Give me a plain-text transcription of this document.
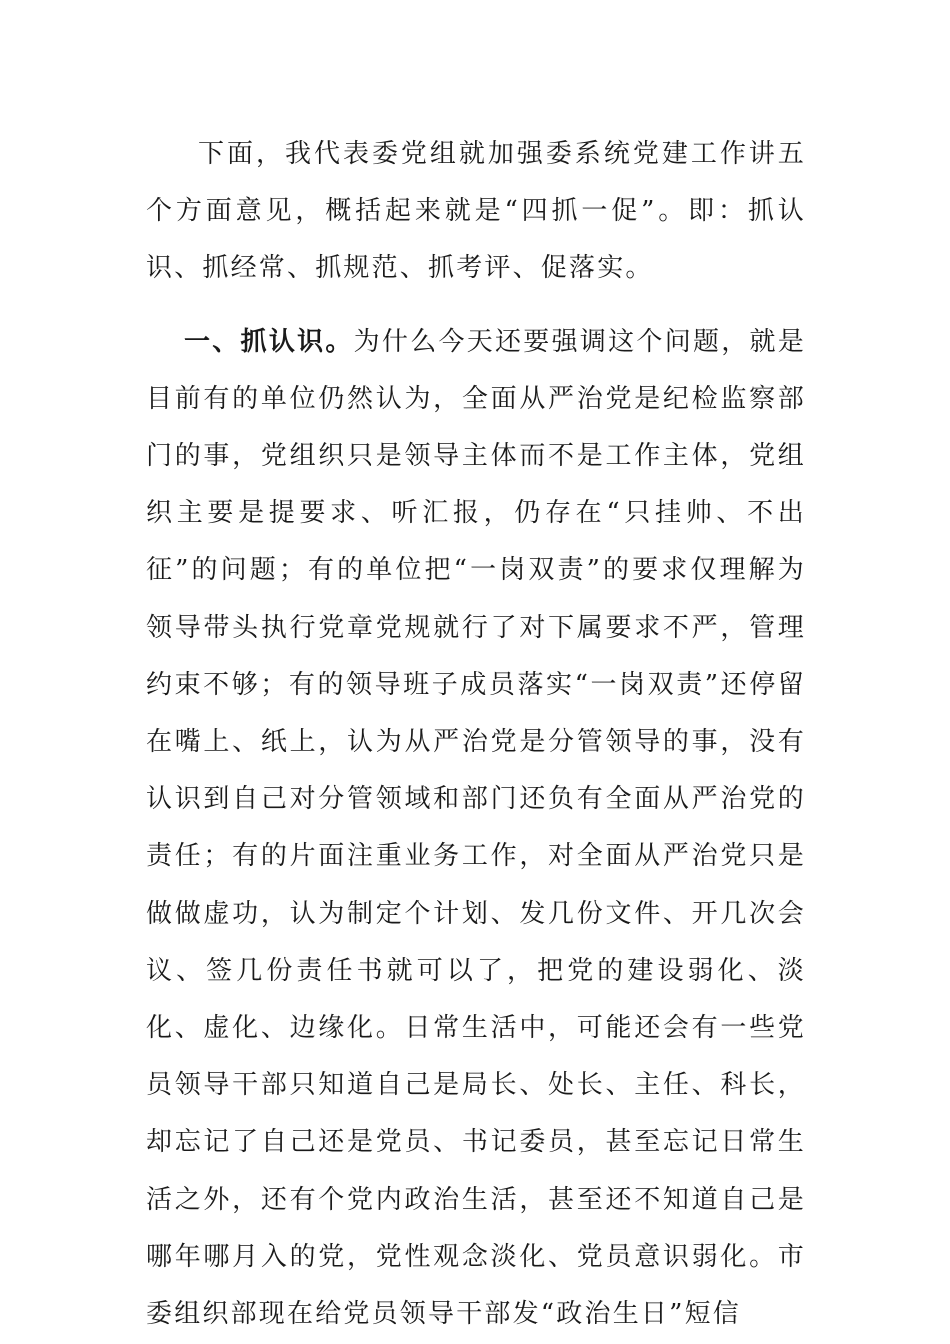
下面，我代表委党组就加强委系统党建工作讲五个方面意见，概括起来就是“四抓一促”。即：抓认识、抓经常、抓规范、抓考评、促落实。

一、抓认识。为什么今天还要强调这个问题，就是目前有的单位仍然认为，全面从严治党是纪检监察部门的事，党组织只是领导主体而不是工作主体，党组织主要是提要求、听汇报，仍存在“只挂帅、不出征”的问题；有的单位把“一岗双责”的要求仅理解为领导带头执行党章党规就行了对下属要求不严，管理约束不够；有的领导班子成员落实“一岗双责”还停留在嘴上、纸上，认为从严治党是分管领导的事，没有认识到自己对分管领域和部门还负有全面从严治党的责任；有的片面注重业务工作，对全面从严治党只是做做虚功，认为制定个计划、发几份文件、开几次会议、签几份责任书就可以了，把党的建设弱化、淡化、虚化、边缘化。日常生活中，可能还会有一些党员领导干部只知道自己是局长、处长、主任、科长，却忘记了自己还是党员、书记委员，甚至忘记日常生活之外，还有个党内政治生活，甚至还不知道自己是哪年哪月入的党，党性观念淡化、党员意识弱化。市委组织部现在给党员领导干部发“政治生日”短信
